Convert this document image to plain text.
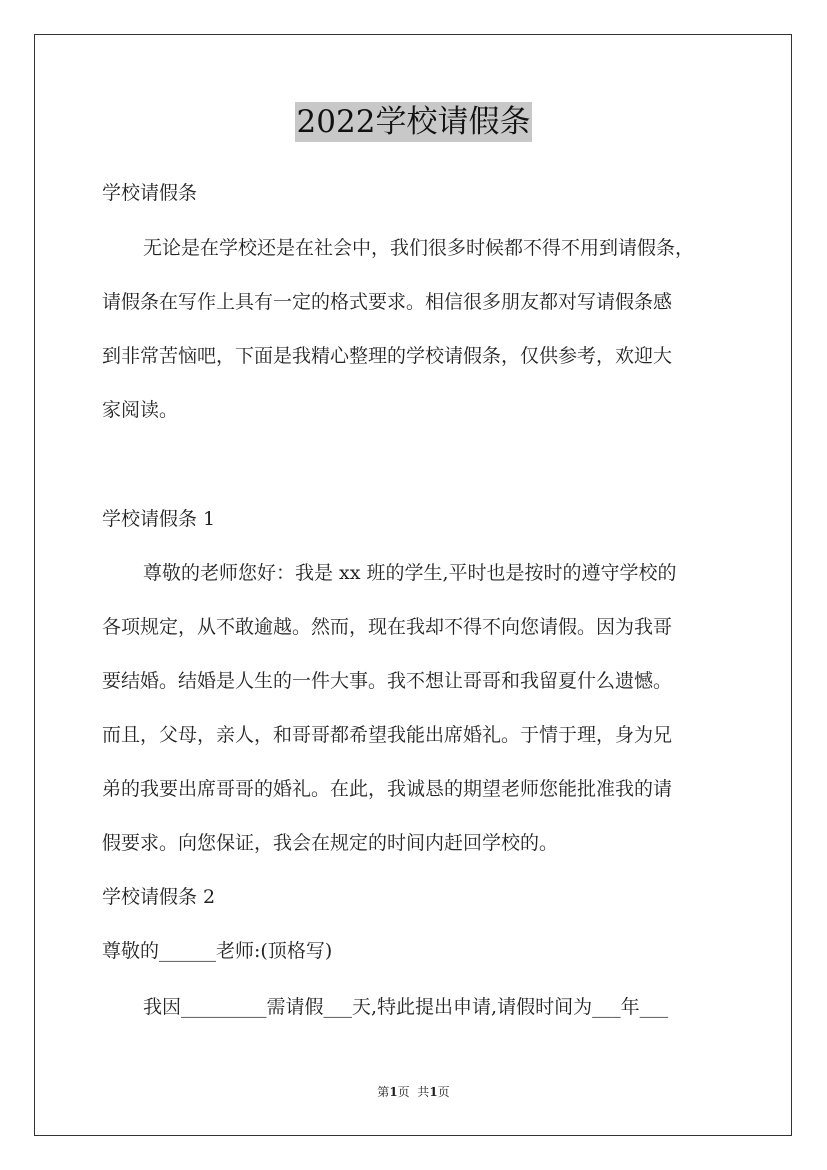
2022学校请假条
学校请假条
无论是在学校还是在社会中，我们很多时候都不得不用到请假条，
请假条在写作上具有一定的格式要求。相信很多朋友都对写请假条感
到非常苦恼吧，下面是我精心整理的学校请假条，仅供参考，欢迎大
家阅读。
学校请假条 1
尊敬的老师您好：我是 xx 班的学生,平时也是按时的遵守学校的
各项规定，从不敢逾越。然而，现在我却不得不向您请假。因为我哥
要结婚。结婚是人生的一件大事。我不想让哥哥和我留夏什么遗憾。
而且，父母，亲人，和哥哥都希望我能出席婚礼。于情于理，身为兄
弟的我要出席哥哥的婚礼。在此，我诚恳的期望老师您能批准我的请
假要求。向您保证，我会在规定的时间内赶回学校的。
学校请假条 2
尊敬的______老师:(顶格写)
我因_________需请假___天,特此提出申请,请假时间为___年___
第1页  共1页
